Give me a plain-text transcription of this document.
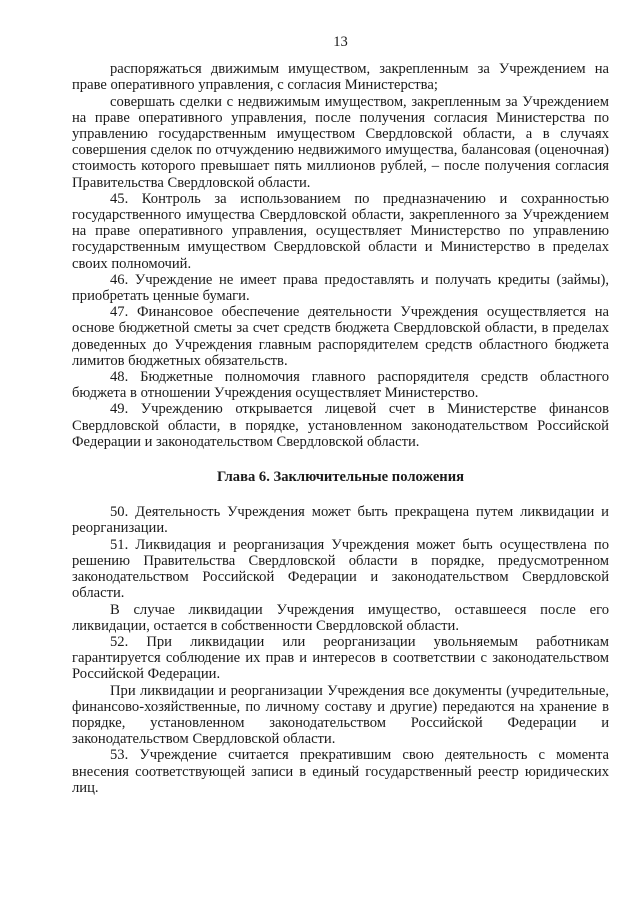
13

распоряжаться движимым имуществом, закрепленным за Учреждением на праве оперативного управления, с согласия Министерства;

совершать сделки с недвижимым имуществом, закрепленным за Учреждением на праве оперативного управления, после получения согласия Министерства по управлению государственным имуществом Свердловской области, а в случаях совершения сделок по отчуждению недвижимого имущества, балансовая (оценочная) стоимость которого превышает пять миллионов рублей, – после получения согласия Правительства Свердловской области.

45. Контроль за использованием по предназначению и сохранностью государственного имущества Свердловской области, закрепленного за Учреждением на праве оперативного управления, осуществляет Министерство по управлению государственным имуществом Свердловской области и Министерство в пределах своих полномочий.

46. Учреждение не имеет права предоставлять и получать кредиты (займы), приобретать ценные бумаги.

47. Финансовое обеспечение деятельности Учреждения осуществляется на основе бюджетной сметы за счет средств бюджета Свердловской области, в пределах доведенных до Учреждения главным распорядителем средств областного бюджета лимитов бюджетных обязательств.

48. Бюджетные полномочия главного распорядителя средств областного бюджета в отношении Учреждения осуществляет Министерство.

49. Учреждению открывается лицевой счет в Министерстве финансов Свердловской области, в порядке, установленном законодательством Российской Федерации и законодательством Свердловской области.

Глава 6. Заключительные положения

50. Деятельность Учреждения может быть прекращена путем ликвидации и реорганизации.

51. Ликвидация и реорганизация Учреждения может быть осуществлена по решению Правительства Свердловской области в порядке, предусмотренном законодательством Российской Федерации и законодательством Свердловской области.

В случае ликвидации Учреждения имущество, оставшееся после его ликвидации, остается в собственности Свердловской области.

52. При ликвидации или реорганизации увольняемым работникам гарантируется соблюдение их прав и интересов в соответствии с законодательством Российской Федерации.

При ликвидации и реорганизации Учреждения все документы (учредительные, финансово-хозяйственные, по личному составу и другие) передаются на хранение в порядке, установленном законодательством Российской Федерации и законодательством Свердловской области.

53. Учреждение считается прекратившим свою деятельность с момента внесения соответствующей записи в единый государственный реестр юридических лиц.
